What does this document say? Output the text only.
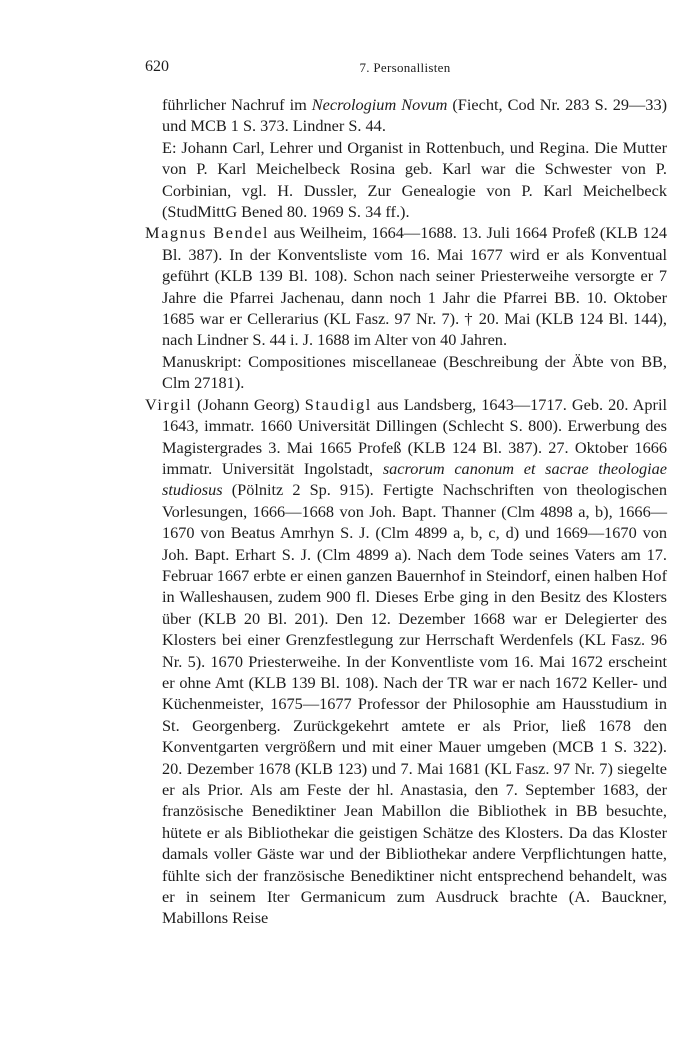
620	7. Personallisten

führlicher Nachruf im Necrologium Novum (Fiecht, Cod Nr. 283 S. 29—33) und MCB 1 S. 373. Lindner S. 44.

E: Johann Carl, Lehrer und Organist in Rottenbuch, und Regina. Die Mutter von P. Karl Meichelbeck Rosina geb. Karl war die Schwester von P. Corbinian, vgl. H. Dussler, Zur Genealogie von P. Karl Meichelbeck (StudMittG Bened 80. 1969 S. 34 ff.).

Magnus Bendel aus Weilheim, 1664—1688. 13. Juli 1664 Profeß (KLB 124 Bl. 387). In der Konventsliste vom 16. Mai 1677 wird er als Konventual geführt (KLB 139 Bl. 108). Schon nach seiner Priesterweihe versorgte er 7 Jahre die Pfarrei Jachenau, dann noch 1 Jahr die Pfarrei BB. 10. Oktober 1685 war er Cellerarius (KL Fasz. 97 Nr. 7). † 20. Mai (KLB 124 Bl. 144), nach Lindner S. 44 i. J. 1688 im Alter von 40 Jahren.

Manuskript: Compositiones miscellaneae (Beschreibung der Äbte von BB, Clm 27181).

Virgil (Johann Georg) Staudigl aus Landsberg, 1643—1717. Geb. 20. April 1643, immatr. 1660 Universität Dillingen (Schlecht S. 800). Erwerbung des Magistergrades 3. Mai 1665 Profeß (KLB 124 Bl. 387). 27. Oktober 1666 immatr. Universität Ingolstadt, sacrorum canonum et sacrae theologiae studiosus (Pölnitz 2 Sp. 915). Fertigte Nachschriften von theologischen Vorlesungen, 1666—1668 von Joh. Bapt. Thanner (Clm 4898 a, b), 1666—1670 von Beatus Amrhyn S. J. (Clm 4899 a, b, c, d) und 1669—1670 von Joh. Bapt. Erhart S. J. (Clm 4899 a). Nach dem Tode seines Vaters am 17. Februar 1667 erbte er einen ganzen Bauernhof in Steindorf, einen halben Hof in Walleshausen, zudem 900 fl. Dieses Erbe ging in den Besitz des Klosters über (KLB 20 Bl. 201). Den 12. Dezember 1668 war er Delegierter des Klosters bei einer Grenzfestlegung zur Herrschaft Werdenfels (KL Fasz. 96 Nr. 5). 1670 Priesterweihe. In der Konventliste vom 16. Mai 1672 erscheint er ohne Amt (KLB 139 Bl. 108). Nach der TR war er nach 1672 Keller- und Küchenmeister, 1675—1677 Professor der Philosophie am Hausstudium in St. Georgenberg. Zurückgekehrt amtete er als Prior, ließ 1678 den Konventgarten vergrößern und mit einer Mauer umgeben (MCB 1 S. 322). 20. Dezember 1678 (KLB 123) und 7. Mai 1681 (KL Fasz. 97 Nr. 7) siegelte er als Prior. Als am Feste der hl. Anastasia, den 7. September 1683, der französische Benediktiner Jean Mabillon die Bibliothek in BB besuchte, hütete er als Bibliothekar die geistigen Schätze des Klosters. Da das Kloster damals voller Gäste war und der Bibliothekar andere Verpflichtungen hatte, fühlte sich der französische Benediktiner nicht entsprechend behandelt, was er in seinem Iter Germanicum zum Ausdruck brachte (A. Bauckner, Mabillons Reise
